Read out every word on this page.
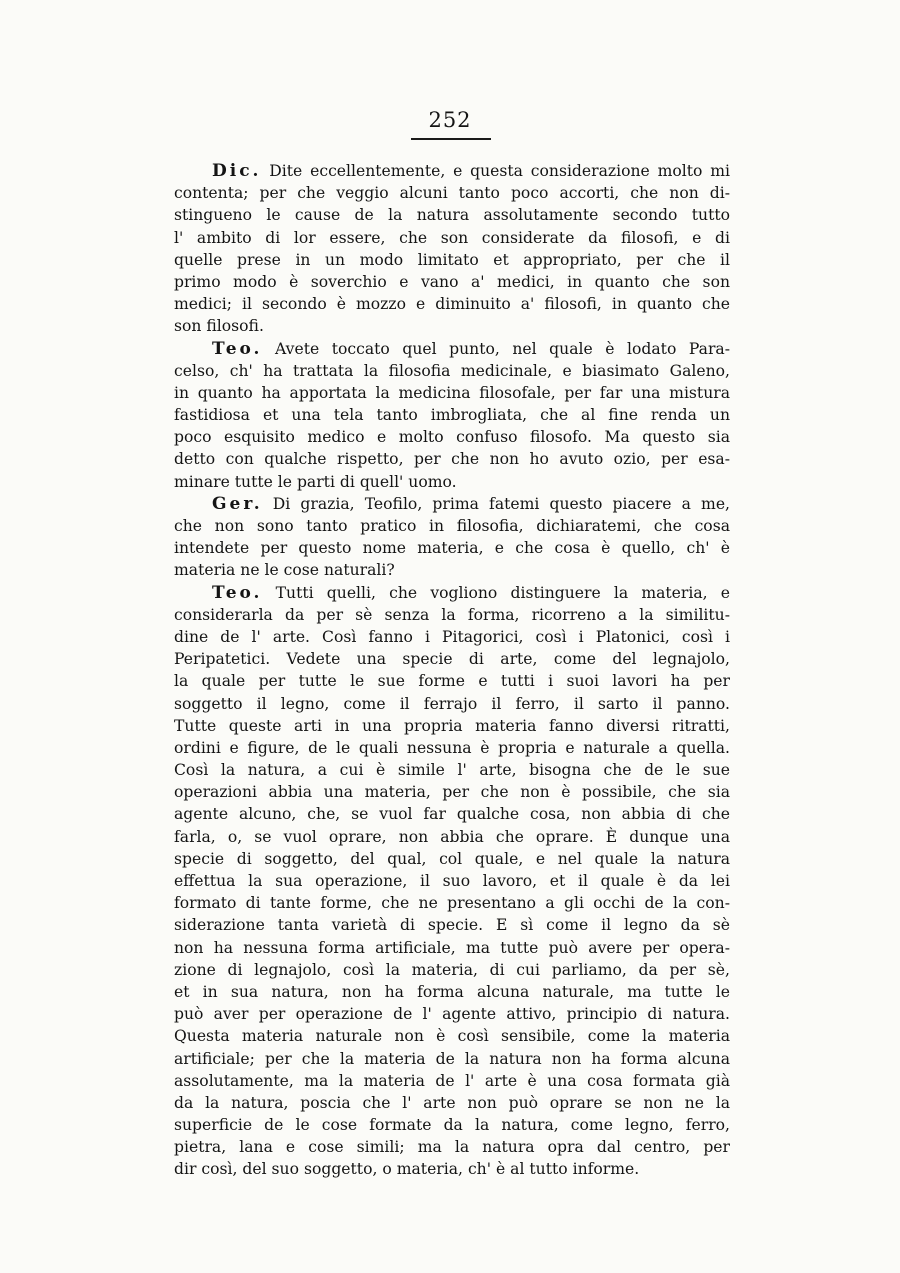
252
Dic. Dite eccellentemente, e questa considerazione molto mi
contenta; per che veggio alcuni tanto poco accorti, che non di-
stingueno le cause de la natura assolutamente secondo tutto
l' ambito di lor essere, che son considerate da filosofi, e di
quelle prese in un modo limitato et appropriato, per che il
primo modo è soverchio e vano a' medici, in quanto che son
medici; il secondo è mozzo e diminuito a' filosofi, in quanto che
son filosofi.
Teo. Avete toccato quel punto, nel quale è lodato Para-
celso, ch' ha trattata la filosofia medicinale, e biasimato Galeno,
in quanto ha apportata la medicina filosofale, per far una mistura
fastidiosa et una tela tanto imbrogliata, che al fine renda un
poco esquisito medico e molto confuso filosofo. Ma questo sia
detto con qualche rispetto, per che non ho avuto ozio, per esa-
minare tutte le parti di quell' uomo.
Ger. Di grazia, Teofilo, prima fatemi questo piacere a me,
che non sono tanto pratico in filosofia, dichiaratemi, che cosa
intendete per questo nome materia, e che cosa è quello, ch' è
materia ne le cose naturali?
Teo. Tutti quelli, che vogliono distinguere la materia, e
considerarla da per sè senza la forma, ricorreno a la similitu-
dine de l' arte. Così fanno i Pitagorici, così i Platonici, così i
Peripatetici. Vedete una specie di arte, come del legnajolo,
la quale per tutte le sue forme e tutti i suoi lavori ha per
soggetto il legno, come il ferrajo il ferro, il sarto il panno.
Tutte queste arti in una propria materia fanno diversi ritratti,
ordini e figure, de le quali nessuna è propria e naturale a quella.
Così la natura, a cui è simile l' arte, bisogna che de le sue
operazioni abbia una materia, per che non è possibile, che sia
agente alcuno, che, se vuol far qualche cosa, non abbia di che
farla, o, se vuol oprare, non abbia che oprare. È dunque una
specie di soggetto, del qual, col quale, e nel quale la natura
effettua la sua operazione, il suo lavoro, et il quale è da lei
formato di tante forme, che ne presentano a gli occhi de la con-
siderazione tanta varietà di specie. E sì come il legno da sè
non ha nessuna forma artificiale, ma tutte può avere per opera-
zione di legnajolo, così la materia, di cui parliamo, da per sè,
et in sua natura, non ha forma alcuna naturale, ma tutte le
può aver per operazione de l' agente attivo, principio di natura.
Questa materia naturale non è così sensibile, come la materia
artificiale; per che la materia de la natura non ha forma alcuna
assolutamente, ma la materia de l' arte è una cosa formata già
da la natura, poscia che l' arte non può oprare se non ne la
superficie de le cose formate da la natura, come legno, ferro,
pietra, lana e cose simili; ma la natura opra dal centro, per
dir così, del suo soggetto, o materia, ch' è al tutto informe.
